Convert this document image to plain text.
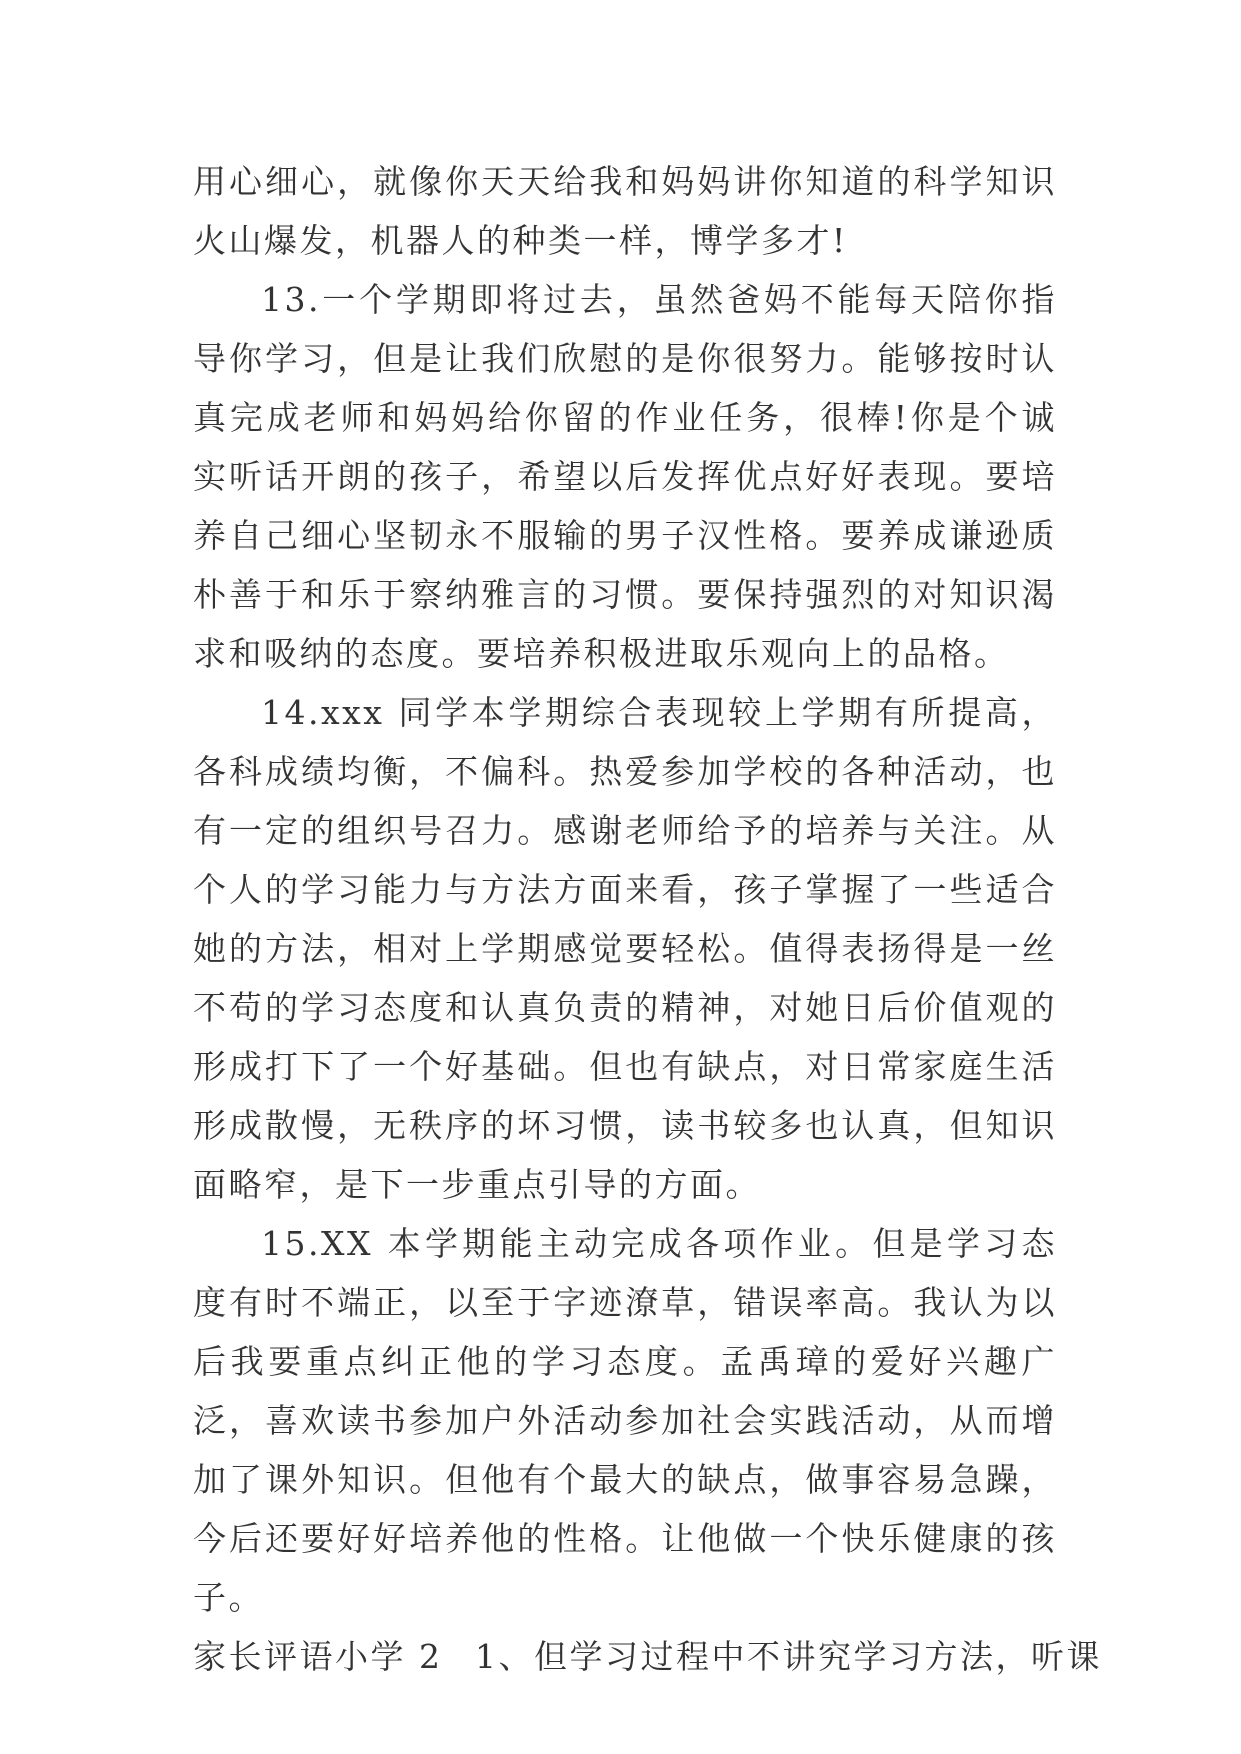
用心细心，就像你天天给我和妈妈讲你知道的科学知识火山爆发，机器人的种类一样，博学多才!

13.一个学期即将过去，虽然爸妈不能每天陪你指导你学习，但是让我们欣慰的是你很努力。能够按时认真完成老师和妈妈给你留的作业任务，很棒!你是个诚实听话开朗的孩子，希望以后发挥优点好好表现。要培养自己细心坚韧永不服输的男子汉性格。要养成谦逊质朴善于和乐于察纳雅言的习惯。要保持强烈的对知识渴求和吸纳的态度。要培养积极进取乐观向上的品格。

14.xxx 同学本学期综合表现较上学期有所提高，各科成绩均衡，不偏科。热爱参加学校的各种活动，也有一定的组织号召力。感谢老师给予的培养与关注。从个人的学习能力与方法方面来看，孩子掌握了一些适合她的方法，相对上学期感觉要轻松。值得表扬得是一丝不苟的学习态度和认真负责的精神，对她日后价值观的形成打下了一个好基础。但也有缺点，对日常家庭生活形成散慢，无秩序的坏习惯，读书较多也认真，但知识面略窄，是下一步重点引导的方面。

15.XX 本学期能主动完成各项作业。但是学习态度有时不端正，以至于字迹潦草，错误率高。我认为以后我要重点纠正他的学习态度。孟禹璋的爱好兴趣广泛，喜欢读书参加户外活动参加社会实践活动，从而增加了课外知识。但他有个最大的缺点，做事容易急躁，今后还要好好培养他的性格。让他做一个快乐健康的孩子。

家长评语小学 2 1、但学习过程中不讲究学习方法，听课
